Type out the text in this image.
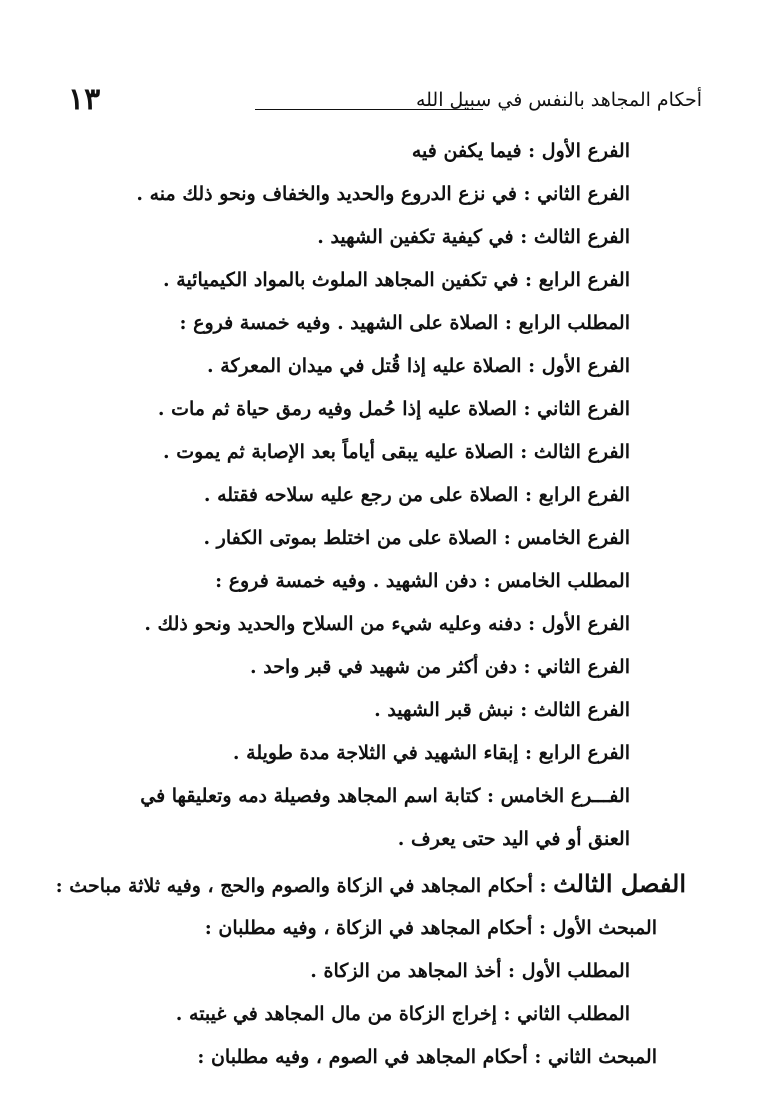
١٣	أحكام المجاهد بالنفس في سبيل الله
الفرع الأول : فيما يكفن فيه
الفرع الثاني : في نزع الدروع والحديد والخفاف ونحو ذلك منه .
الفرع الثالث : في كيفية تكفين الشهيد .
الفرع الرابع : في تكفين المجاهد الملوث بالمواد الكيميائية .
المطلب الرابع : الصلاة على الشهيد . وفيه خمسة فروع :
الفرع الأول : الصلاة عليه إذا قُتل في ميدان المعركة .
الفرع الثاني : الصلاة عليه إذا حُمل وفيه رمق حياة ثم مات .
الفرع الثالث : الصلاة عليه يبقى أياماً بعد الإصابة ثم يموت .
الفرع الرابع : الصلاة على من رجع عليه سلاحه فقتله .
الفرع الخامس : الصلاة على من اختلط بموتى الكفار .
المطلب الخامس : دفن الشهيد . وفيه خمسة فروع :
الفرع الأول : دفنه وعليه شيء من السلاح والحديد ونحو ذلك .
الفرع الثاني : دفن أكثر من شهيد في قبر واحد .
الفرع الثالث : نبش قبر الشهيد .
الفرع الرابع : إبقاء الشهيد في الثلاجة مدة طويلة .
الفـــرع الخامس : كتابة اسم المجاهد وفصيلة دمه وتعليقها في العنق أو في اليد حتى يعرف .
الفصل الثالث : أحكام المجاهد في الزكاة والصوم والحج ، وفيه ثلاثة مباحث :
المبحث الأول : أحكام المجاهد في الزكاة ، وفيه مطلبان :
المطلب الأول : أخذ المجاهد من الزكاة .
المطلب الثاني : إخراج الزكاة من مال المجاهد في غيبته .
المبحث الثاني : أحكام المجاهد في الصوم ، وفيه مطلبان :
